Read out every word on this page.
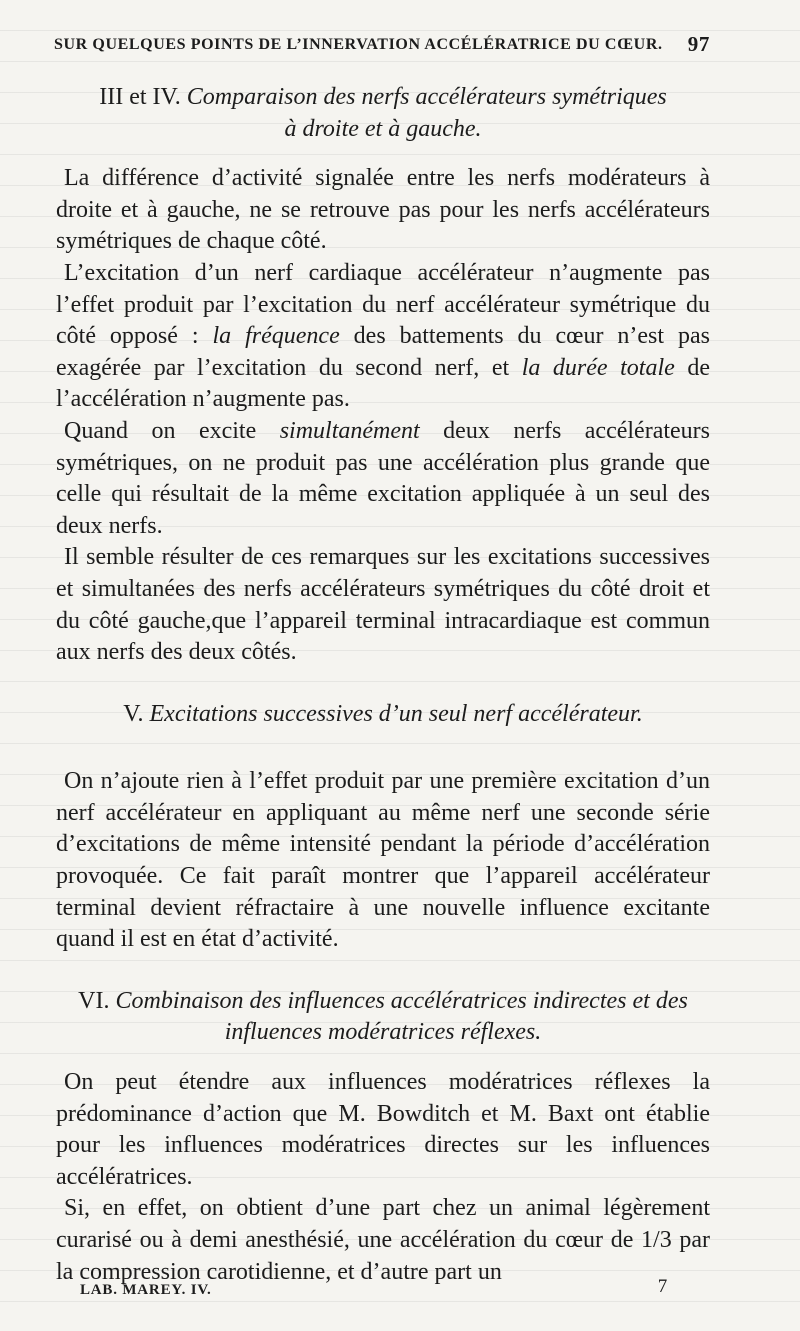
SUR QUELQUES POINTS DE L’INNERVATION ACCÉLÉRATRICE DU CŒUR. 97
III et IV. Comparaison des nerfs accélérateurs symétriques
à droite et à gauche.

La différence d’activité signalée entre les nerfs modérateurs à droite et à gauche, ne se retrouve pas pour les nerfs accélérateurs symétriques de chaque côté.

L’excitation d’un nerf cardiaque accélérateur n’augmente pas l’effet produit par l’excitation du nerf accélérateur symétrique du côté opposé : la fréquence des battements du cœur n’est pas exagérée par l’excitation du second nerf, et la durée totale de l’accélération n’augmente pas.

Quand on excite simultanément deux nerfs accélérateurs symétriques, on ne produit pas une accélération plus grande que celle qui résultait de la même excitation appliquée à un seul des deux nerfs.

Il semble résulter de ces remarques sur les excitations successives et simultanées des nerfs accélérateurs symétriques du côté droit et du côté gauche,que l’appareil terminal intracardiaque est commun aux nerfs des deux côtés.

V. Excitations successives d’un seul nerf accélérateur.

On n’ajoute rien à l’effet produit par une première excitation d’un nerf accélérateur en appliquant au même nerf une seconde série d’excitations de même intensité pendant la période d’accélération provoquée. Ce fait paraît montrer que l’appareil accélérateur terminal devient réfractaire à une nouvelle influence excitante quand il est en état d’activité.

VI. Combinaison des influences accélératrices indirectes et des
influences modératrices réflexes.

On peut étendre aux influences modératrices réflexes la prédominance d’action que M. Bowditch et M. Baxt ont établie pour les influences modératrices directes sur les influences accélératrices.

Si, en effet, on obtient d’une part chez un animal légèrement curarisé ou à demi anesthésié, une accélération du cœur de 1/3 par la compression carotidienne, et d’autre part un

LAB. MAREY. IV.	7
